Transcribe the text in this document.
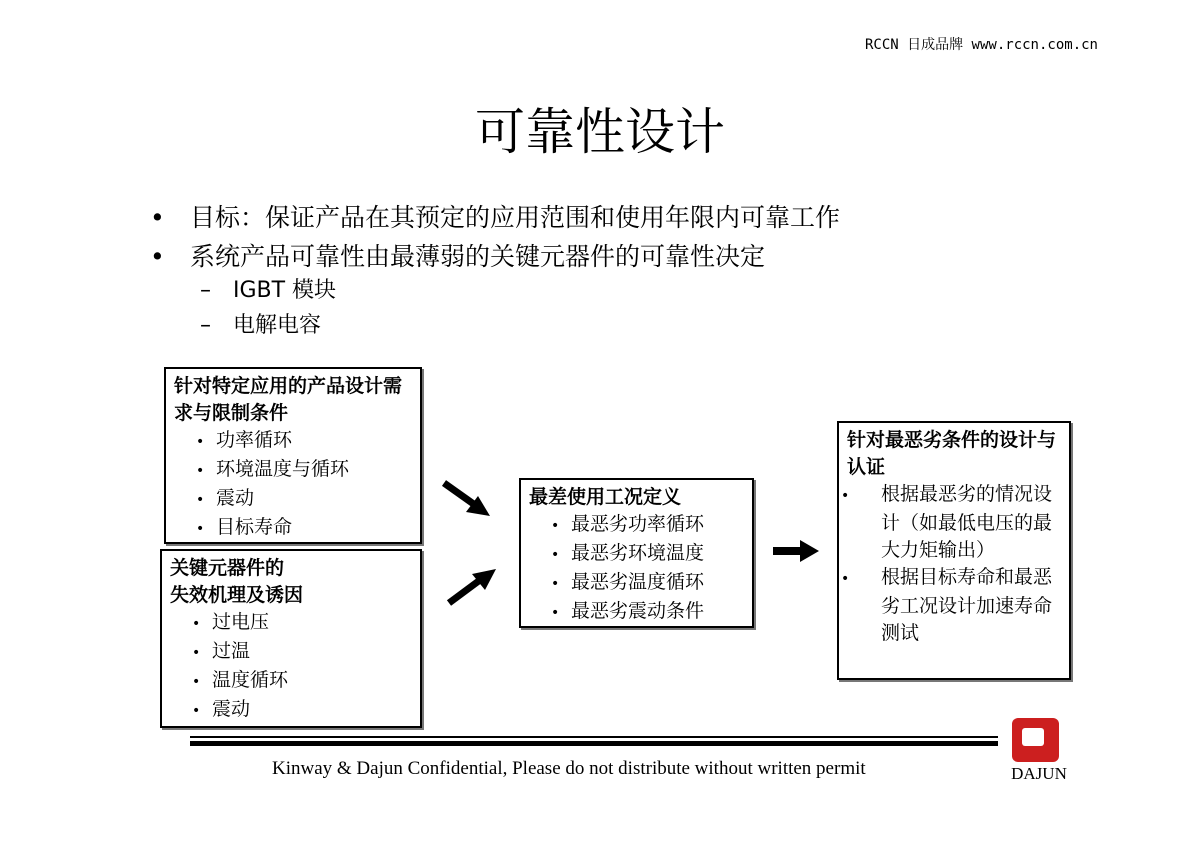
RCCN 日成品牌 www.rccn.com.cn
可靠性设计
• 目标：保证产品在其预定的应用范围和使用年限内可靠工作
• 系统产品可靠性由最薄弱的关键元器件的可靠性决定
– IGBT 模块
– 电解电容
针对特定应用的产品设计需求与限制条件
• 功率循环
• 环境温度与循环
• 震动
• 目标寿命
关键元器件的
失效机理及诱因
• 过电压
• 过温
• 温度循环
• 震动
最差使用工况定义
• 最恶劣功率循环
• 最恶劣环境温度
• 最恶劣温度循环
• 最恶劣震动条件
针对最恶劣条件的设计与认证
• 根据最恶劣的情况设计（如最低电压的最大力矩输出）
• 根据目标寿命和最恶劣工况设计加速寿命测试
Kinway & Dajun Confidential, Please do not distribute without written permit	DAJUN
